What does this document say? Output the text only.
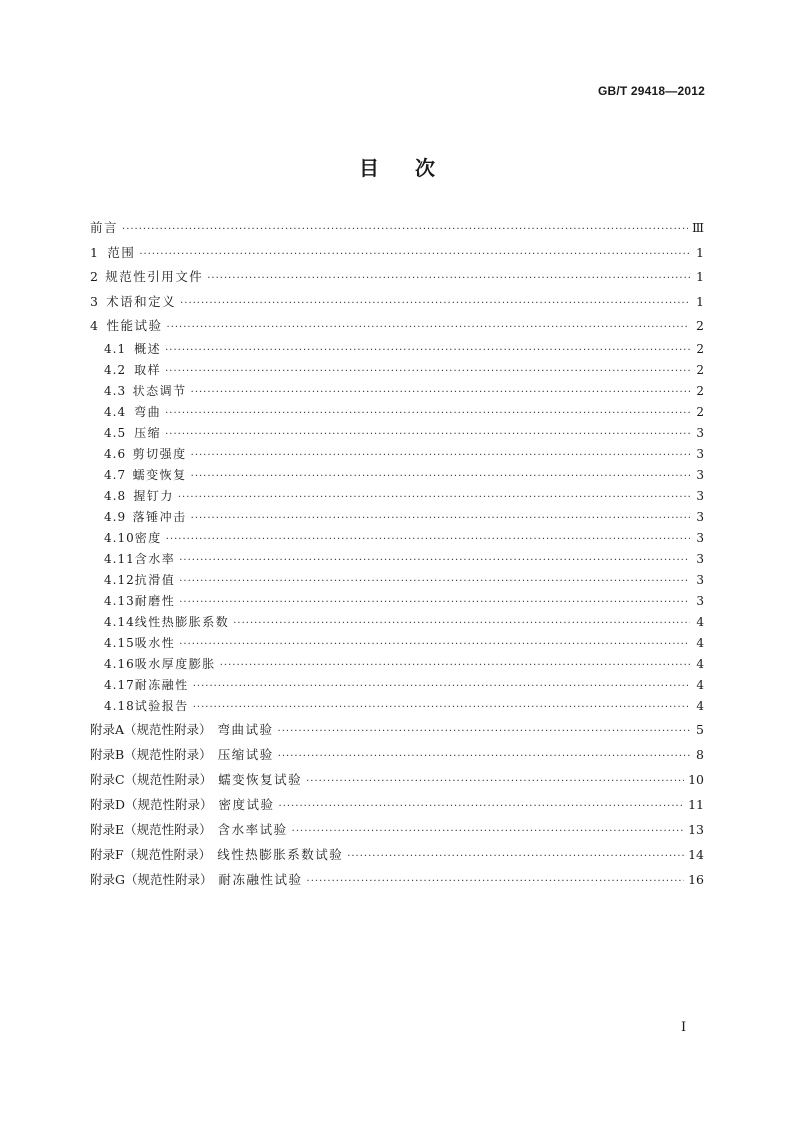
GB/T 29418—2012
目次
前言 ·····	Ⅲ
1 范围 ·····	1
2 规范性引用文件 ·····	1
3 术语和定义 ·····	1
4 性能试验 ·····	2
4.1 概述 ·····	2
4.2 取样 ·····	2
4.3 状态调节 ·····	2
4.4 弯曲 ·····	2
4.5 压缩 ·····	3
4.6 剪切强度 ·····	3
4.7 蠕变恢复 ·····	3
4.8 握钉力 ·····	3
4.9 落锤冲击 ·····	3
4.10 密度 ·····	3
4.11 含水率 ·····	3
4.12 抗滑值 ·····	3
4.13 耐磨性 ·····	3
4.14 线性热膨胀系数 ·····	4
4.15 吸水性 ·····	4
4.16 吸水厚度膨胀 ·····	4
4.17 耐冻融性 ·····	4
4.18 试验报告 ·····	4
附录A（规范性附录） 弯曲试验 ·····	5
附录B（规范性附录） 压缩试验 ·····	8
附录C（规范性附录） 蠕变恢复试验 ·····	10
附录D（规范性附录） 密度试验 ·····	11
附录E（规范性附录） 含水率试验 ·····	13
附录F（规范性附录） 线性热膨胀系数试验 ·····	14
附录G（规范性附录） 耐冻融性试验 ·····	16
I
